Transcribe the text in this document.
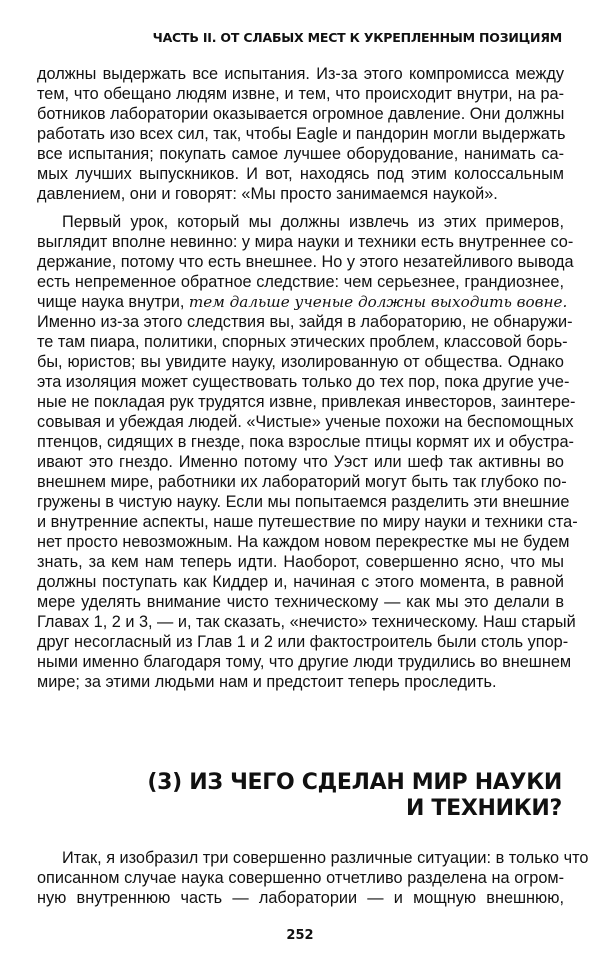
ЧАСТЬ II. ОТ СЛАБЫХ МЕСТ К УКРЕПЛЕННЫМ ПОЗИЦИЯМ
должны выдержать все испытания. Из-за этого компромисса между
тем, что обещано людям извне, и тем, что происходит внутри, на ра-
ботников лаборатории оказывается огромное давление. Они должны
работать изо всех сил, так, чтобы Eagle и пандорин могли выдержать
все испытания; покупать самое лучшее оборудование, нанимать са-
мых лучших выпускников. И вот, находясь под этим колоссальным
давлением, они и говорят: «Мы просто занимаемся наукой».
Первый урок, который мы должны извлечь из этих примеров,
выглядит вполне невинно: у мира науки и техники есть внутреннее со-
держание, потому что есть внешнее. Но у этого незатейливого вывода
есть непременное обратное следствие: чем серьезнее, грандиознее,
чище наука внутри, тем дальше ученые должны выходить вовне.
Именно из-за этого следствия вы, зайдя в лабораторию, не обнаружи-
те там пиара, политики, спорных этических проблем, классовой борь-
бы, юристов; вы увидите науку, изолированную от общества. Однако
эта изоляция может существовать только до тех пор, пока другие уче-
ные не покладая рук трудятся извне, привлекая инвесторов, заинтере-
совывая и убеждая людей. «Чистые» ученые похожи на беспомощных
птенцов, сидящих в гнезде, пока взрослые птицы кормят их и обустра-
ивают это гнездо. Именно потому что Уэст или шеф так активны во
внешнем мире, работники их лабораторий могут быть так глубоко по-
гружены в чистую науку. Если мы попытаемся разделить эти внешние
и внутренние аспекты, наше путешествие по миру науки и техники ста-
нет просто невозможным. На каждом новом перекрестке мы не будем
знать, за кем нам теперь идти. Наоборот, совершенно ясно, что мы
должны поступать как Киддер и, начиная с этого момента, в равной
мере уделять внимание чисто техническому — как мы это делали в
Главах 1, 2 и 3, — и, так сказать, «нечисто» техническому. Наш старый
друг несогласный из Глав 1 и 2 или фактостроитель были столь упор-
ными именно благодаря тому, что другие люди трудились во внешнем
мире; за этими людьми нам и предстоит теперь проследить.
(3) ИЗ ЧЕГО СДЕЛАН МИР НАУКИ
И ТЕХНИКИ?
Итак, я изобразил три совершенно различные ситуации: в только что
описанном случае наука совершенно отчетливо разделена на огром-
ную внутреннюю часть — лаборатории — и мощную внешнюю,
252
